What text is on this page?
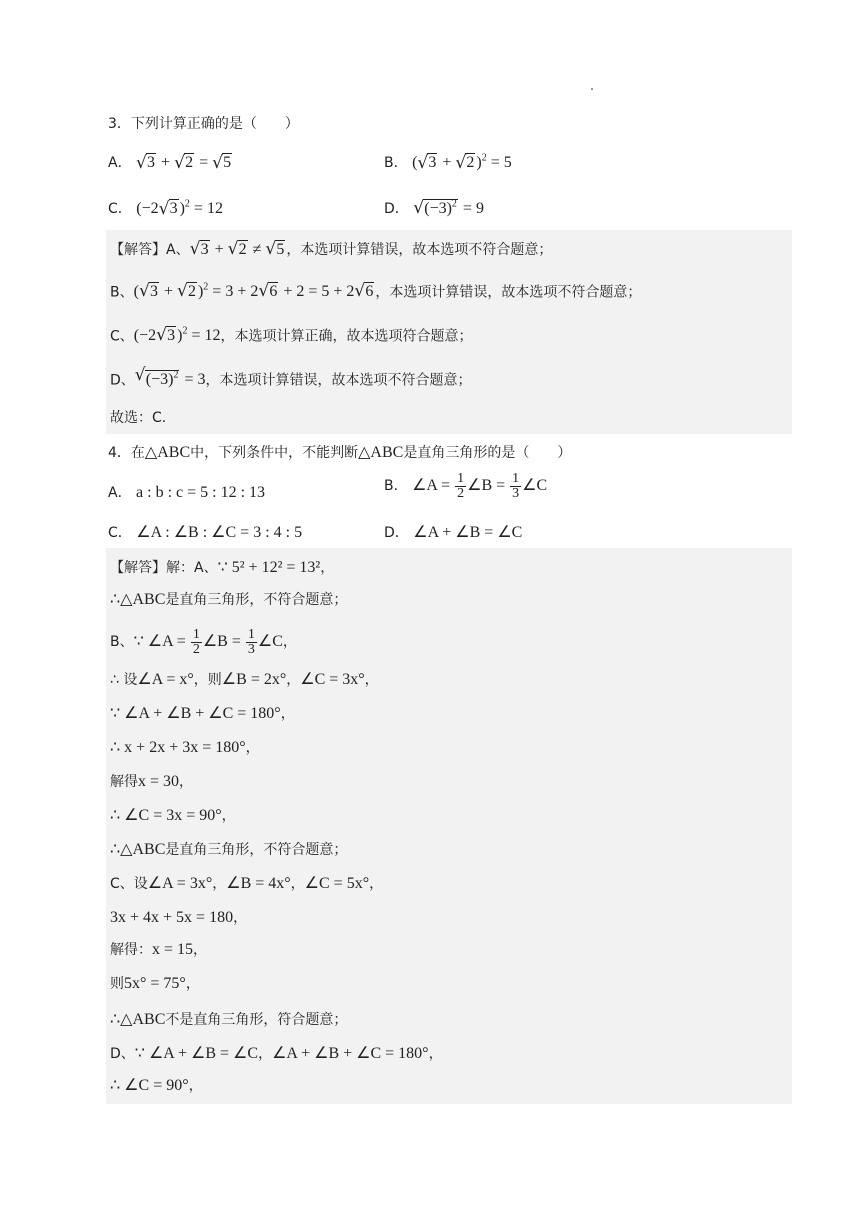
3．下列计算正确的是（　　）
A． √ 3 + √ 2 = √ 5	B． ( √ 3 + √ 2 )$^2$ = 5
C． (−2 √ 3 )$^2$ = 12	D． √ $(-3)^2 = 9$
【解答】A、 √ 3 + √ 2 ≠ √ 5 ，本选项计算错误，故本选项不符合题意；
B、( √ 3 + √ 2 )$^2$ = 3 + 2 √ 6 + 2 = 5 + 2 √ 6 ，本选项计算错误，故本选项不符合题意；
C、(−2 √ 3 )$^2$ = 12，本选项计算正确，故本选项符合题意；
D、 √ $(-3)^2 = 3$，本选项计算错误，故本选项不符合题意；
故选：C.
4．在△ABC中，下列条件中，不能判断△ABC是直角三角形的是（　　）
A． a : b : c = 5 : 12 : 13	B． ∠A = $\frac{1}{2}$ ∠B = $\frac{1}{3}$ ∠C
C． ∠A : ∠B : ∠C = 3 : 4 : 5	D． ∠A + ∠B = ∠C
【解答】解：A、∵ 5² + 12² = 13²，
∴△ABC是直角三角形，不符合题意；
B、∵ ∠A = $\frac{1}{2}$ ∠B = $\frac{1}{3}$ ∠C，
∴ 设∠A = x°，则∠B = 2x°，∠C = 3x°，
∵ ∠A + ∠B + ∠C = 180°，
∴ x + 2x + 3x = 180°，
解得x = 30，
∴ ∠C = 3x = 90°，
∴△ABC是直角三角形，不符合题意；
C、设∠A = 3x°，∠B = 4x°，∠C = 5x°，
3x + 4x + 5x = 180，
解得：x = 15，
则5x° = 75°，
∴△ABC不是直角三角形，符合题意；
D、∵ ∠A + ∠B = ∠C，∠A + ∠B + ∠C = 180°，
∴ ∠C = 90°，
